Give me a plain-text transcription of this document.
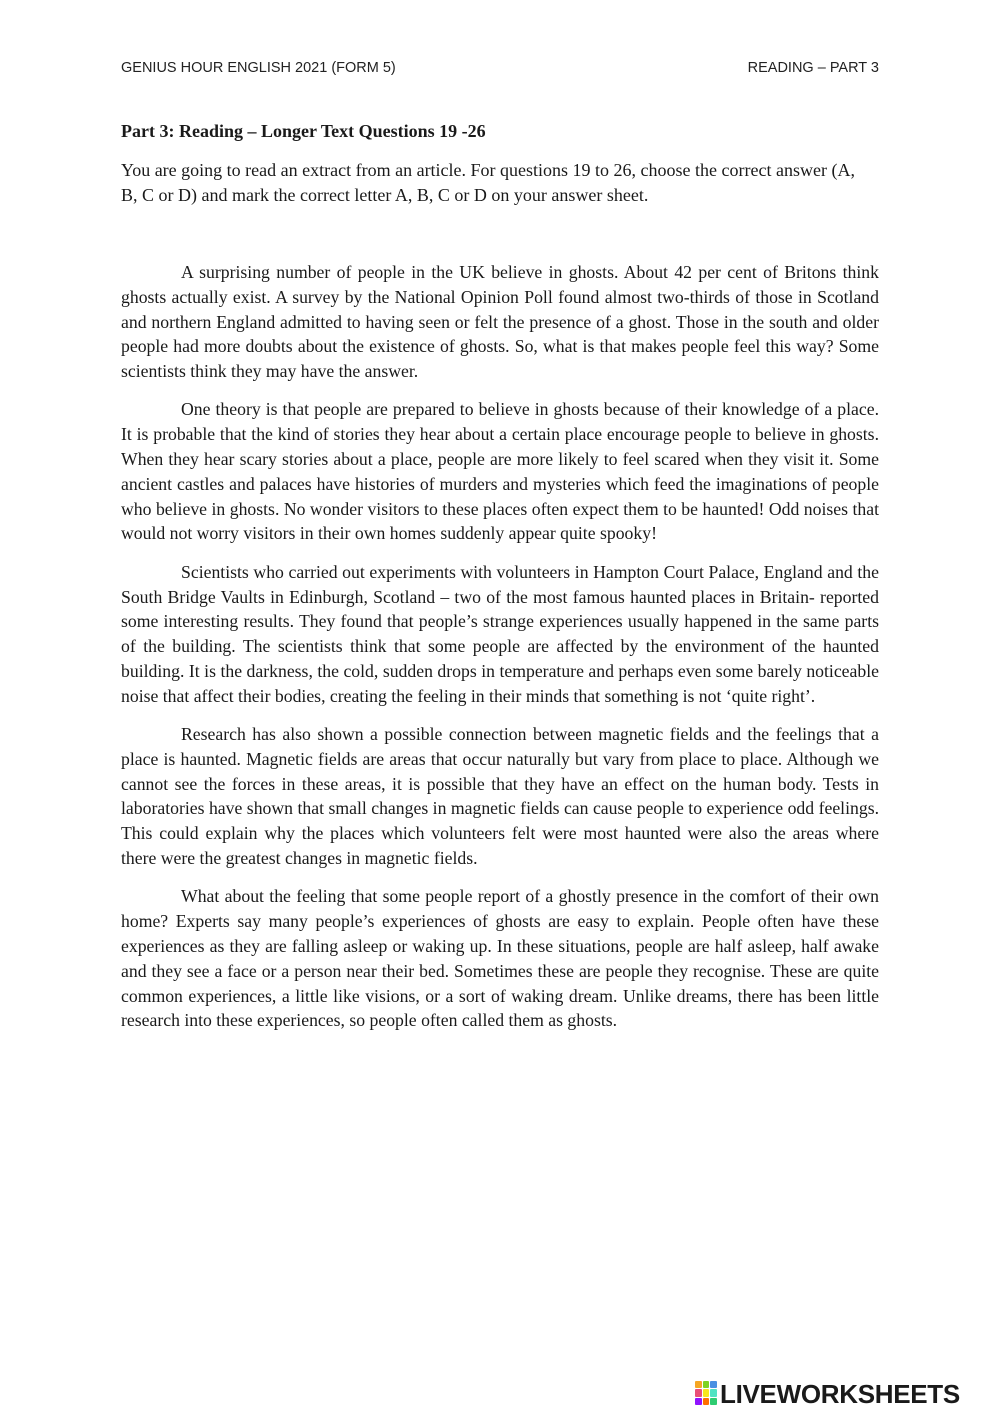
GENIUS HOUR ENGLISH 2021 (FORM 5)	READING – PART 3
Part 3: Reading – Longer Text Questions 19 -26
You are going to read an extract from an article. For questions 19 to 26, choose the correct answer (A, B, C or D) and mark the correct letter A, B, C or D on your answer sheet.

A surprising number of people in the UK believe in ghosts. About 42 per cent of Britons think ghosts actually exist. A survey by the National Opinion Poll found almost two-thirds of those in Scotland and northern England admitted to having seen or felt the presence of a ghost. Those in the south and older people had more doubts about the existence of ghosts. So, what is that makes people feel this way? Some scientists think they may have the answer.

One theory is that people are prepared to believe in ghosts because of their knowledge of a place. It is probable that the kind of stories they hear about a certain place encourage people to believe in ghosts. When they hear scary stories about a place, people are more likely to feel scared when they visit it. Some ancient castles and palaces have histories of murders and mysteries which feed the imaginations of people who believe in ghosts. No wonder visitors to these places often expect them to be haunted! Odd noises that would not worry visitors in their own homes suddenly appear quite spooky!

Scientists who carried out experiments with volunteers in Hampton Court Palace, England and the South Bridge Vaults in Edinburgh, Scotland – two of the most famous haunted places in Britain- reported some interesting results. They found that people’s strange experiences usually happened in the same parts of the building. The scientists think that some people are affected by the environment of the haunted building. It is the darkness, the cold, sudden drops in temperature and perhaps even some barely noticeable noise that affect their bodies, creating the feeling in their minds that something is not ‘quite right’.

Research has also shown a possible connection between magnetic fields and the feelings that a place is haunted. Magnetic fields are areas that occur naturally but vary from place to place. Although we cannot see the forces in these areas, it is possible that they have an effect on the human body. Tests in laboratories have shown that small changes in magnetic fields can cause people to experience odd feelings. This could explain why the places which volunteers felt were most haunted were also the areas where there were the greatest changes in magnetic fields.

What about the feeling that some people report of a ghostly presence in the comfort of their own home? Experts say many people’s experiences of ghosts are easy to explain. People often have these experiences as they are falling asleep or waking up. In these situations, people are half asleep, half awake and they see a face or a person near their bed. Sometimes these are people they recognise. These are quite common experiences, a little like visions, or a sort of waking dream. Unlike dreams, there has been little research into these experiences, so people often called them as ghosts.

LIVEWORKSHEETS
